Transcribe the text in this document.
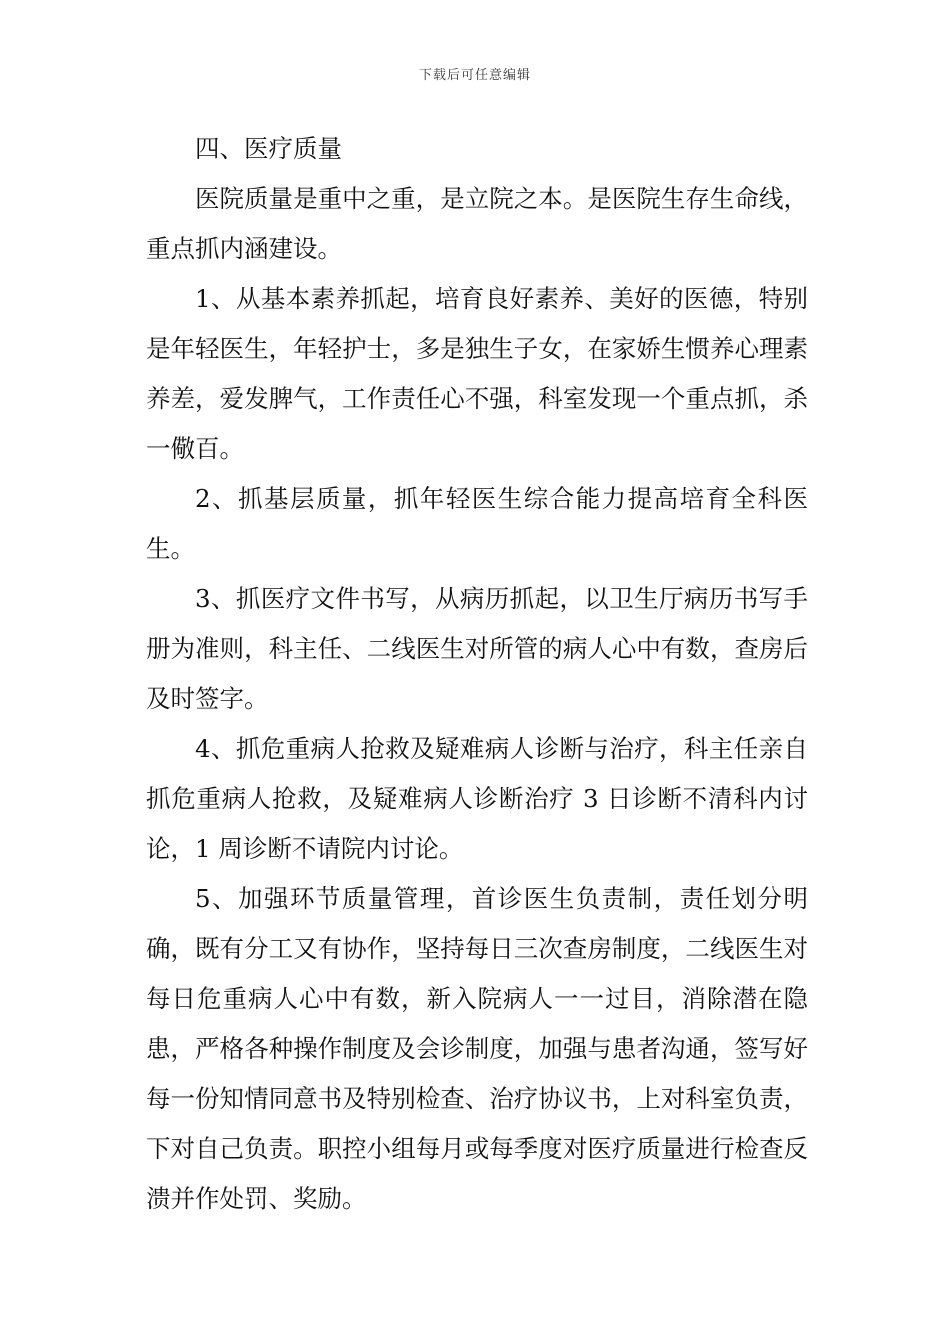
下载后可任意编辑

四、医疗质量

医院质量是重中之重，是立院之本。是医院生存生命线，重点抓内涵建设。

1、从基本素养抓起，培育良好素养、美好的医德，特别是年轻医生，年轻护士，多是独生子女，在家娇生惯养心理素养差，爱发脾气，工作责任心不强，科室发现一个重点抓，杀一儆百。

2、抓基层质量，抓年轻医生综合能力提高培育全科医生。

3、抓医疗文件书写，从病历抓起，以卫生厅病历书写手册为准则，科主任、二线医生对所管的病人心中有数，查房后及时签字。

4、抓危重病人抢救及疑难病人诊断与治疗，科主任亲自抓危重病人抢救，及疑难病人诊断治疗 3 日诊断不清科内讨论，1 周诊断不请院内讨论。

5、加强环节质量管理，首诊医生负责制，责任划分明确，既有分工又有协作，坚持每日三次查房制度，二线医生对每日危重病人心中有数，新入院病人一一过目，消除潜在隐患，严格各种操作制度及会诊制度，加强与患者沟通，签写好每一份知情同意书及特别检查、治疗协议书，上对科室负责，下对自己负责。职控小组每月或每季度对医疗质量进行检查反溃并作处罚、奖励。
